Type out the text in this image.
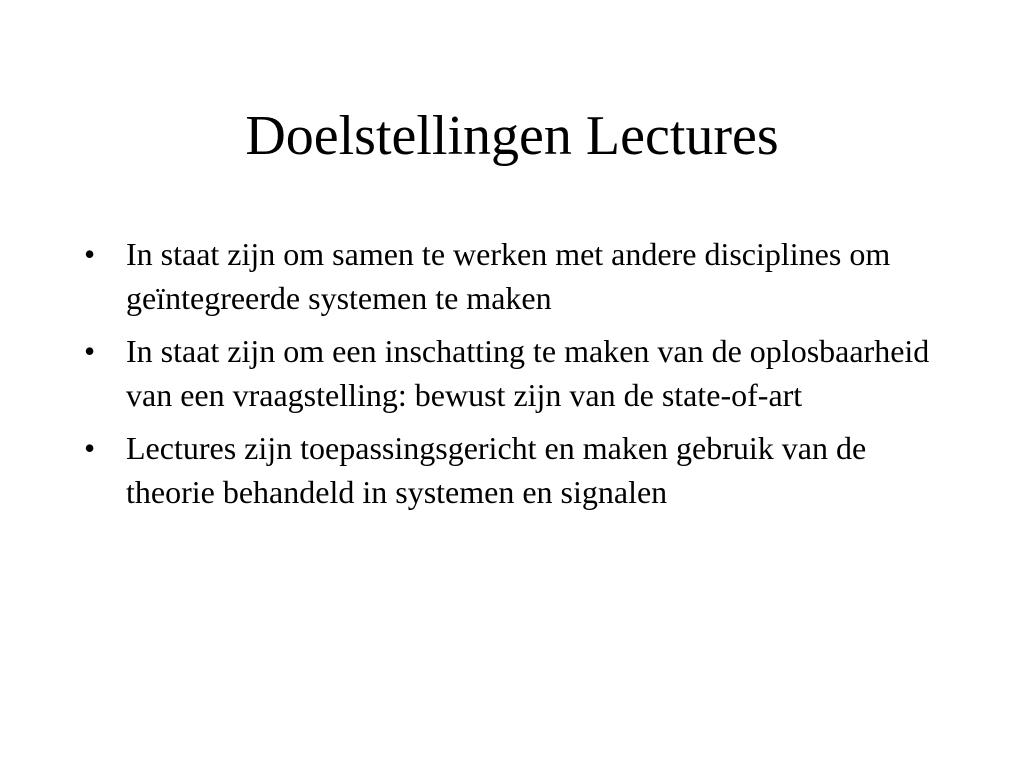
Doelstellingen Lectures
• In staat zijn om samen te werken met andere disciplines om geïntegreerde systemen te maken
• In staat zijn om een inschatting te maken van de oplosbaarheid van een vraagstelling: bewust zijn van de state-of-art
• Lectures zijn toepassingsgericht en maken gebruik van de theorie behandeld in systemen en signalen
